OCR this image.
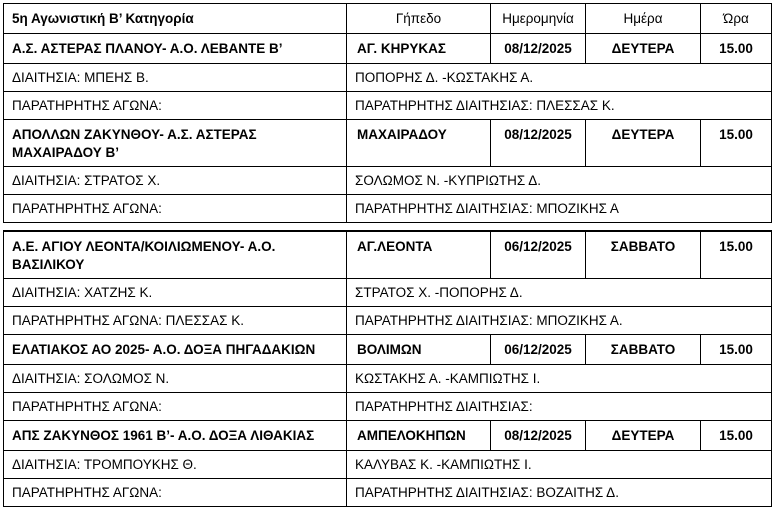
5η Αγωνιστική Β’ Κατηγορία	Γήπεδο	Ημερομηνία	Ημέρα	Ώρα
Α.Σ. ΑΣΤΕΡΑΣ ΠΛΑΝΟΥ- Α.Ο. ΛΕΒΑΝΤΕ Β’	ΑΓ. ΚΗΡΥΚΑΣ	08/12/2025	ΔΕΥΤΕΡΑ	15.00
ΔΙΑΙΤΗΣΙΑ: ΜΠΕΗΣ Β.	ΠΟΠΟΡΗΣ Δ. -ΚΩΣΤΑΚΗΣ Α.			
ΠΑΡΑΤΗΡΗΤΗΣ ΑΓΩΝΑ:	ΠΑΡΑΤΗΡΗΤΗΣ ΔΙΑΙΤΗΣΙΑΣ: ΠΛΕΣΣΑΣ Κ.			
ΑΠΟΛΛΩΝ ΖΑΚΥΝΘΟΥ- Α.Σ. ΑΣΤΕΡΑΣ ΜΑΧΑΙΡΑΔΟΥ Β’	ΜΑΧΑΙΡΑΔΟΥ	08/12/2025	ΔΕΥΤΕΡΑ	15.00
ΔΙΑΙΤΗΣΙΑ: ΣΤΡΑΤΟΣ Χ.	ΣΟΛΩΜΟΣ Ν. -ΚΥΠΡΙΩΤΗΣ Δ.			
ΠΑΡΑΤΗΡΗΤΗΣ ΑΓΩΝΑ:	ΠΑΡΑΤΗΡΗΤΗΣ ΔΙΑΙΤΗΣΙΑΣ: ΜΠΟΖΙΚΗΣ Α			
Α.Ε. ΑΓΙΟΥ ΛΕΟΝΤΑ/ΚΟΙΛΙΩΜΕΝΟΥ- Α.Ο. ΒΑΣΙΛΙΚΟΥ	ΑΓ.ΛΕΟΝΤΑ	06/12/2025	ΣΑΒΒΑΤΟ	15.00
ΔΙΑΙΤΗΣΙΑ: ΧΑΤΖΗΣ Κ.	ΣΤΡΑΤΟΣ Χ. -ΠΟΠΟΡΗΣ Δ.			
ΠΑΡΑΤΗΡΗΤΗΣ ΑΓΩΝΑ: ΠΛΕΣΣΑΣ Κ.	ΠΑΡΑΤΗΡΗΤΗΣ ΔΙΑΙΤΗΣΙΑΣ: ΜΠΟΖΙΚΗΣ Α.			
ΕΛΑΤΙΑΚΟΣ ΑΟ 2025- Α.Ο. ΔΟΞΑ ΠΗΓΑΔΑΚΙΩΝ	ΒΟΛΙΜΩΝ	06/12/2025	ΣΑΒΒΑΤΟ	15.00
ΔΙΑΙΤΗΣΙΑ: ΣΟΛΩΜΟΣ Ν.	ΚΩΣΤΑΚΗΣ Α. -ΚΑΜΠΙΩΤΗΣ Ι.			
ΠΑΡΑΤΗΡΗΤΗΣ ΑΓΩΝΑ:	ΠΑΡΑΤΗΡΗΤΗΣ ΔΙΑΙΤΗΣΙΑΣ:			
ΑΠΣ ΖΑΚΥΝΘΟΣ 1961 Β’- Α.Ο. ΔΟΞΑ ΛΙΘΑΚΙΑΣ	ΑΜΠΕΛΟΚΗΠΩΝ	08/12/2025	ΔΕΥΤΕΡΑ	15.00
ΔΙΑΙΤΗΣΙΑ: ΤΡΟΜΠΟΥΚΗΣ Θ.	ΚΑΛΥΒΑΣ Κ. -ΚΑΜΠΙΩΤΗΣ Ι.			
ΠΑΡΑΤΗΡΗΤΗΣ ΑΓΩΝΑ:	ΠΑΡΑΤΗΡΗΤΗΣ ΔΙΑΙΤΗΣΙΑΣ: ΒΟΖΑΙΤΗΣ Δ.			
